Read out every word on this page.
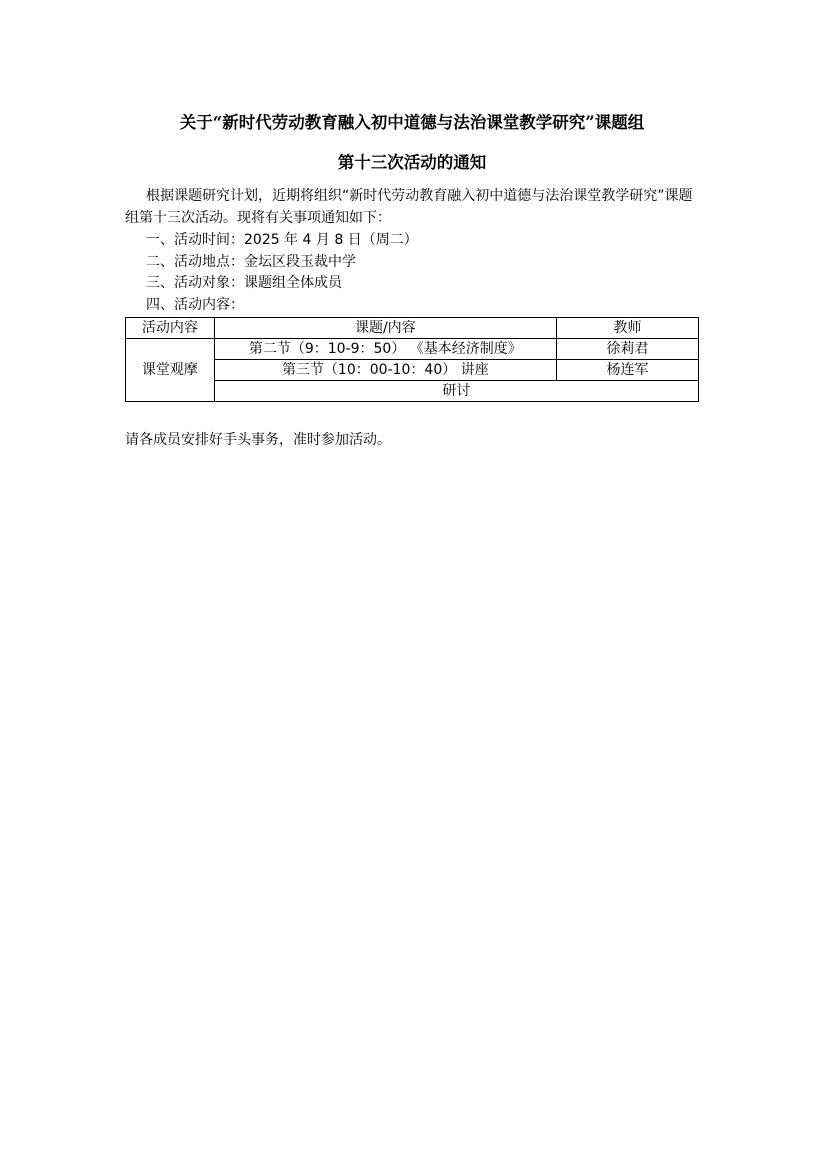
关于“新时代劳动教育融入初中道德与法治课堂教学研究”课题组
第十三次活动的通知
根据课题研究计划，近期将组织“新时代劳动教育融入初中道德与法治课堂教学研究”课题组第十三次活动。现将有关事项通知如下：
一、活动时间：2025 年 4 月 8 日（周二）
二、活动地点：金坛区段玉裁中学
三、活动对象：课题组全体成员
四、活动内容：
活动内容	课题/内容	教师
课堂观摩	第二节（9：10-9：50） 《基本经济制度》	徐莉君
	第三节（10：00-10：40） 讲座	杨连军
	研讨	
请各成员安排好手头事务，准时参加活动。
